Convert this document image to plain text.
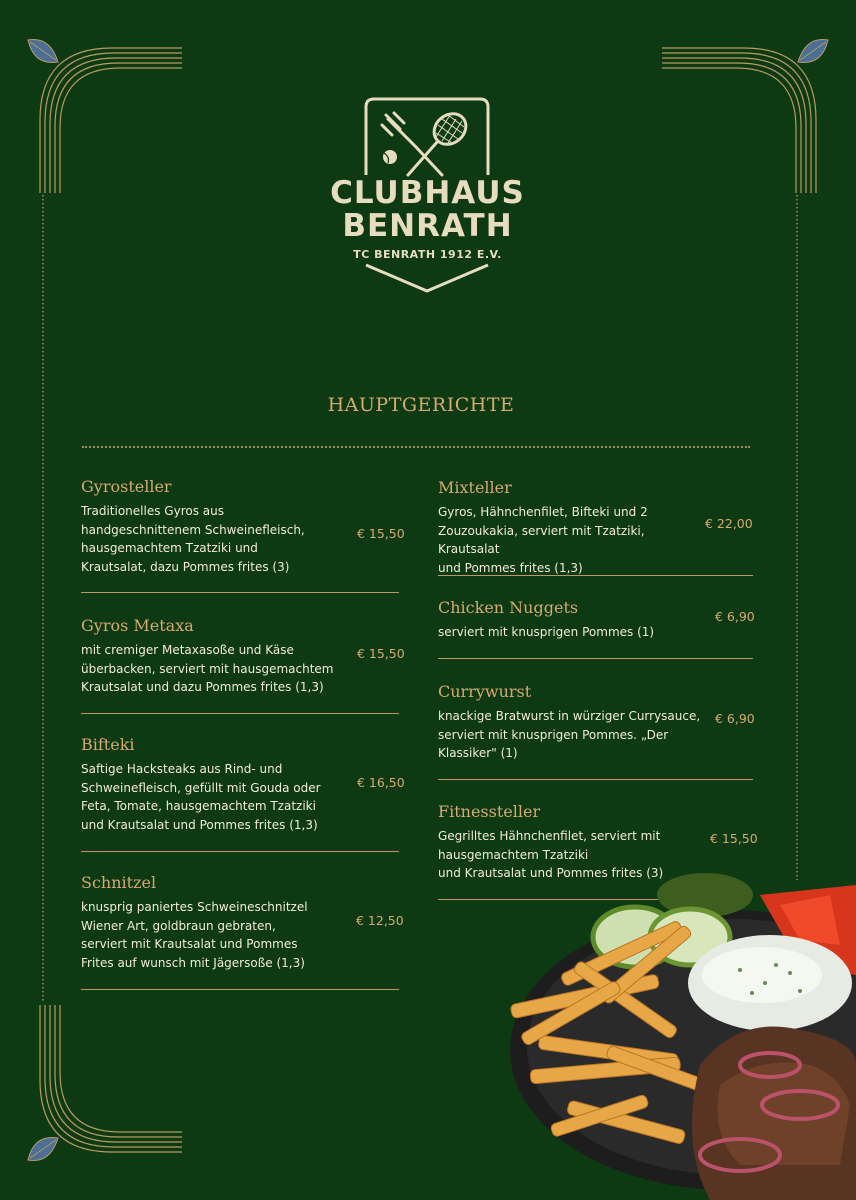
CLUBHAUS
BENRATH
TC BENRATH 1912 E.V.
HAUPTGERICHTE
Gyrosteller
Traditionelles Gyros aus
handgeschnittenem Schweinefleisch,
hausgemachtem Tzatziki und
Krautsalat, dazu Pommes frites (3)
€ 15,50
Gyros Metaxa
mit cremiger Metaxasoße und Käse
überbacken, serviert mit hausgemachtem
Krautsalat und dazu Pommes frites (1,3)
€ 15,50
Bifteki
Saftige Hacksteaks aus Rind- und
Schweinefleisch, gefüllt mit Gouda oder
Feta, Tomate, hausgemachtem Tzatziki
und Krautsalat und Pommes frites (1,3)
€ 16,50
Schnitzel
knusprig paniertes Schweineschnitzel
Wiener Art, goldbraun gebraten,
serviert mit Krautsalat und Pommes
Frites auf wunsch mit Jägersoße (1,3)
€ 12,50
Mixteller
Gyros, Hähnchenfilet, Bifteki und 2
Zouzoukakia, serviert mit Tzatziki, Krautsalat
und Pommes frites (1,3)
€ 22,00
Chicken Nuggets
serviert mit knusprigen Pommes (1)
€ 6,90
Currywurst
knackige Bratwurst in würziger Currysauce,
serviert mit knusprigen Pommes. „Der
Klassiker" (1)
€ 6,90
Fitnessteller
Gegrilltes Hähnchenfilet, serviert mit
hausgemachtem Tzatziki
und Krautsalat und Pommes frites (3)
€ 15,50
